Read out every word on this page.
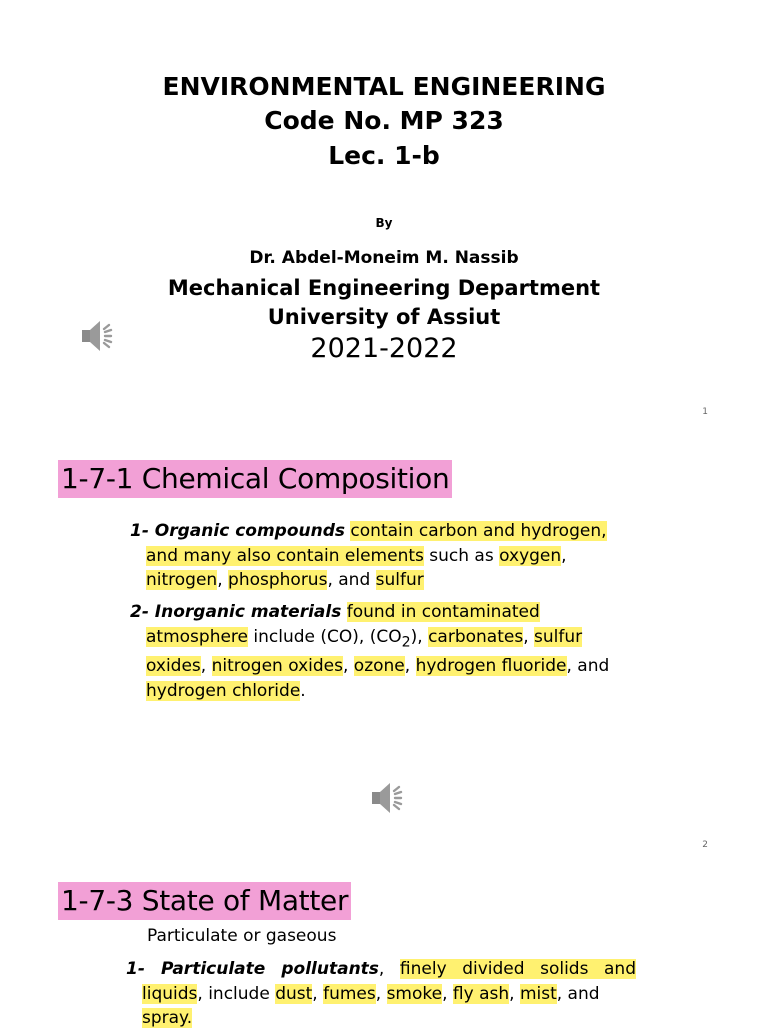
ENVIRONMENTAL ENGINEERING
Code No. MP 323
Lec. 1-b
By
Dr. Abdel-Moneim M. Nassib
Mechanical Engineering Department
University of Assiut
2021-2022
1
1-7-1 Chemical Composition
1- Organic compounds contain carbon and hydrogen,
and many also contain elements such as oxygen,
nitrogen, phosphorus, and sulfur
2- Inorganic materials found in contaminated
atmosphere include (CO), $(CO_2)$, carbonates, sulfur
oxides, nitrogen oxides, ozone, hydrogen fluoride, and
hydrogen chloride.
2
1-7-3 State of Matter
Particulate or gaseous
1- Particulate pollutants, finely divided solids and
liquids, include dust, fumes, smoke, fly ash, mist, and
spray.
